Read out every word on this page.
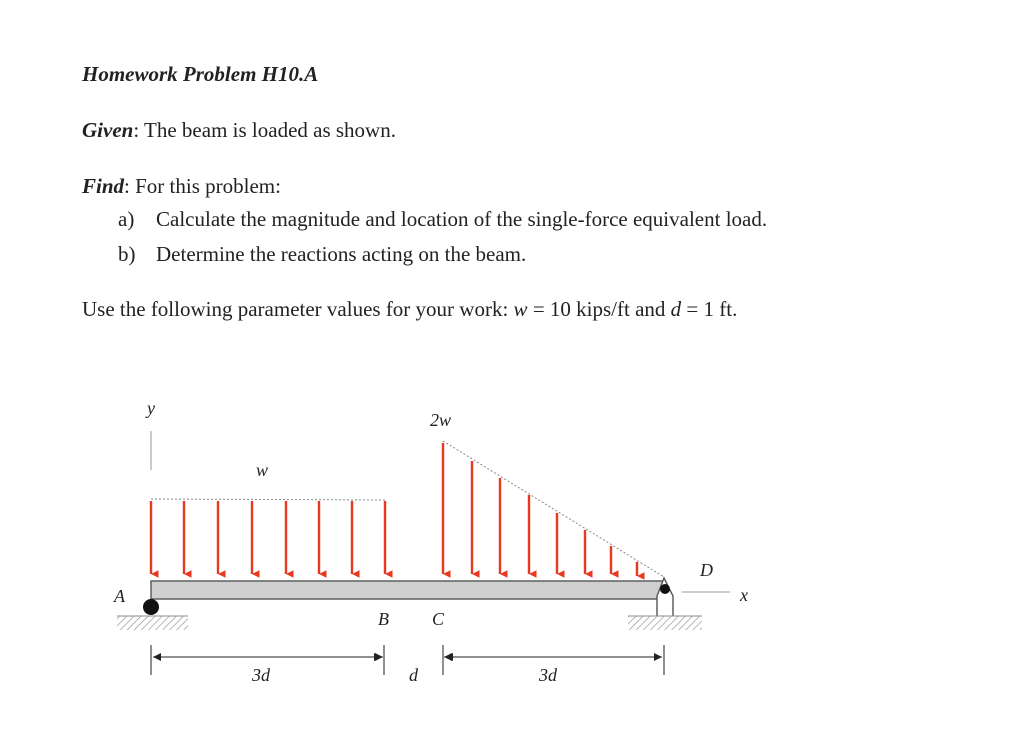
Homework Problem H10.A
Given: The beam is loaded as shown.
Find: For this problem:
a) Calculate the magnitude and location of the single-force equivalent load.
b) Determine the reactions acting on the beam.
Use the following parameter values for your work: w = 10 kips/ft and d = 1 ft.
y
w
2w
A
D
x
B C
3d	d	3d
